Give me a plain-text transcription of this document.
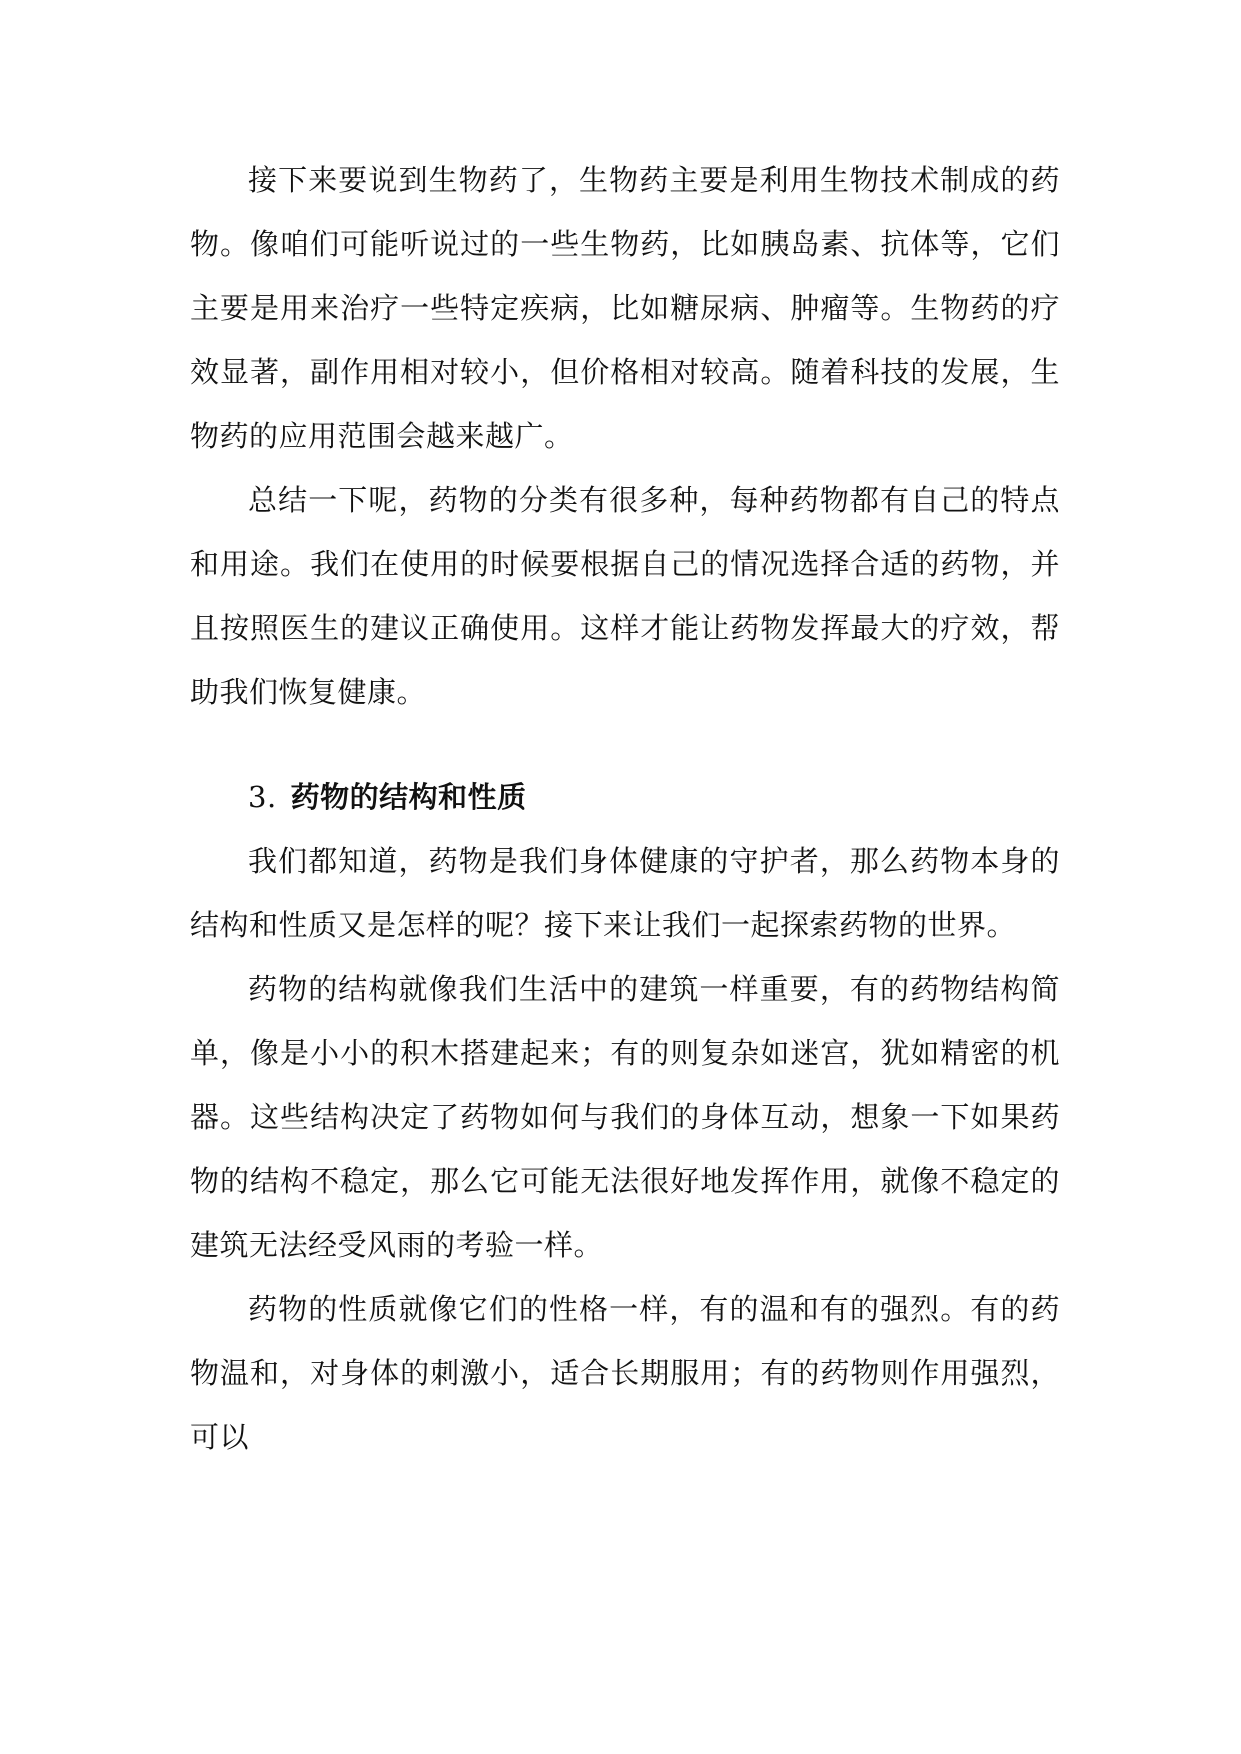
接下来要说到生物药了，生物药主要是利用生物技术制成的药物。像咱们可能听说过的一些生物药，比如胰岛素、抗体等，它们主要是用来治疗一些特定疾病，比如糖尿病、肿瘤等。生物药的疗效显著，副作用相对较小，但价格相对较高。随着科技的发展，生物药的应用范围会越来越广。

总结一下呢，药物的分类有很多种，每种药物都有自己的特点和用途。我们在使用的时候要根据自己的情况选择合适的药物，并且按照医生的建议正确使用。这样才能让药物发挥最大的疗效，帮助我们恢复健康。

3. 药物的结构和性质

我们都知道，药物是我们身体健康的守护者，那么药物本身的结构和性质又是怎样的呢？接下来让我们一起探索药物的世界。

药物的结构就像我们生活中的建筑一样重要，有的药物结构简单，像是小小的积木搭建起来；有的则复杂如迷宫，犹如精密的机器。这些结构决定了药物如何与我们的身体互动，想象一下如果药物的结构不稳定，那么它可能无法很好地发挥作用，就像不稳定的建筑无法经受风雨的考验一样。

药物的性质就像它们的性格一样，有的温和有的强烈。有的药物温和，对身体的刺激小，适合长期服用；有的药物则作用强烈，可以
